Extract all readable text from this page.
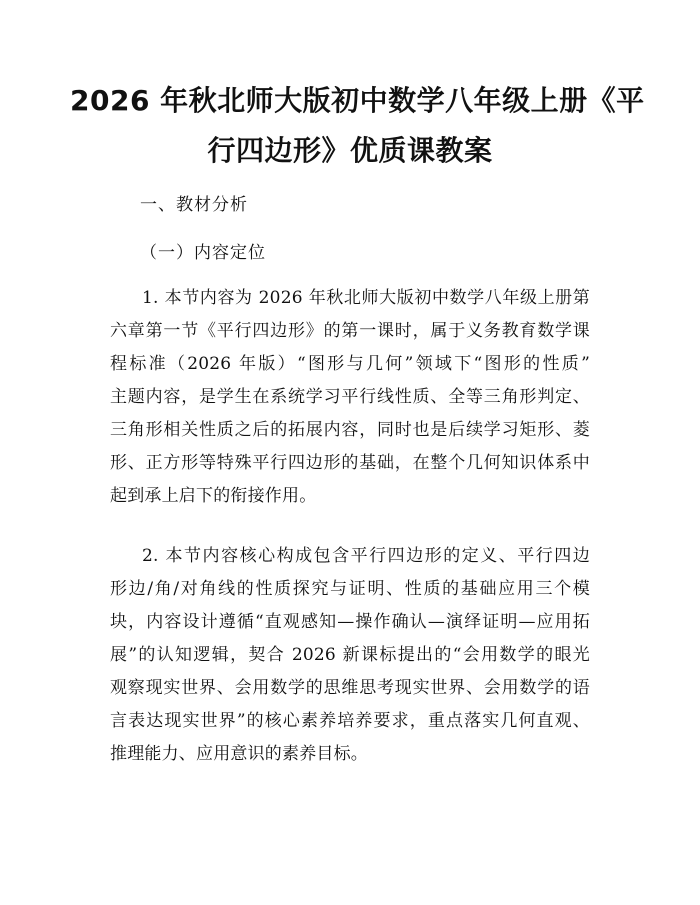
2026 年秋北师大版初中数学八年级上册《平
行四边形》优质课教案
一、教材分析
（一）内容定位
1. 本节内容为 2026 年秋北师大版初中数学八年级上册第
六章第一节《平行四边形》的第一课时，属于义务教育数学课
程标准（2026 年版）“图形与几何”领域下“图形的性质”
主题内容，是学生在系统学习平行线性质、全等三角形判定、
三角形相关性质之后的拓展内容，同时也是后续学习矩形、菱
形、正方形等特殊平行四边形的基础，在整个几何知识体系中
起到承上启下的衔接作用。
2. 本节内容核心构成包含平行四边形的定义、平行四边
形边/角/对角线的性质探究与证明、性质的基础应用三个模
块，内容设计遵循“直观感知—操作确认—演绎证明—应用拓
展”的认知逻辑，契合 2026 新课标提出的“会用数学的眼光
观察现实世界、会用数学的思维思考现实世界、会用数学的语
言表达现实世界”的核心素养培养要求，重点落实几何直观、
推理能力、应用意识的素养目标。
